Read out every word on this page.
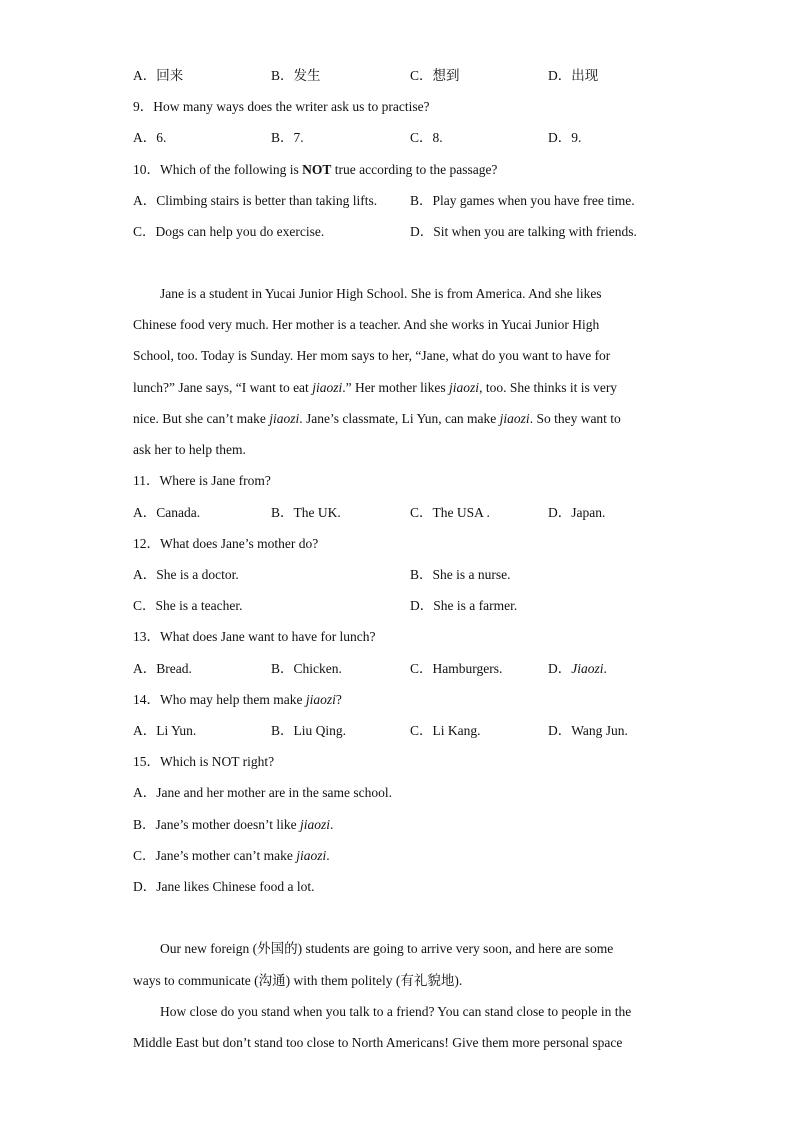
A．回来	B．发生	C．想到	D．出现
9．How many ways does the writer ask us to practise?
A．6.	B．7.	C．8.	D．9.
10．Which of the following is NOT true according to the passage?
A．Climbing stairs is better than taking lifts. B．Play games when you have free time.
C．Dogs can help you do exercise.	D．Sit when you are talking with friends.
Jane is a student in Yucai Junior High School. She is from America. And she likes
Chinese food very much. Her mother is a teacher. And she works in Yucai Junior High
School, too. Today is Sunday. Her mom says to her, “Jane, what do you want to have for
lunch?” Jane says, “I want to eat jiaozi.” Her mother likes jiaozi, too. She thinks it is very
nice. But she can’t make jiaozi. Jane’s classmate, Li Yun, can make jiaozi. So they want to
ask her to help them.
11．Where is Jane from?
A．Canada.	B．The UK.	C．The USA .	D．Japan.
12．What does Jane’s mother do?
A．She is a doctor.	B．She is a nurse.
C．She is a teacher.	D．She is a farmer.
13．What does Jane want to have for lunch?
A．Bread.	B．Chicken.	C．Hamburgers.	D．Jiaozi.
14．Who may help them make jiaozi?
A．Li Yun.	B．Liu Qing.	C．Li Kang.	D．Wang Jun.
15．Which is NOT right?
A．Jane and her mother are in the same school.
B．Jane’s mother doesn’t like jiaozi.
C．Jane’s mother can’t make jiaozi.
D．Jane likes Chinese food a lot.
Our new foreign (外国的) students are going to arrive very soon, and here are some
ways to communicate (沟通) with them politely (有礼貌地).
How close do you stand when you talk to a friend? You can stand close to people in the
Middle East but don’t stand too close to North Americans! Give them more personal space
